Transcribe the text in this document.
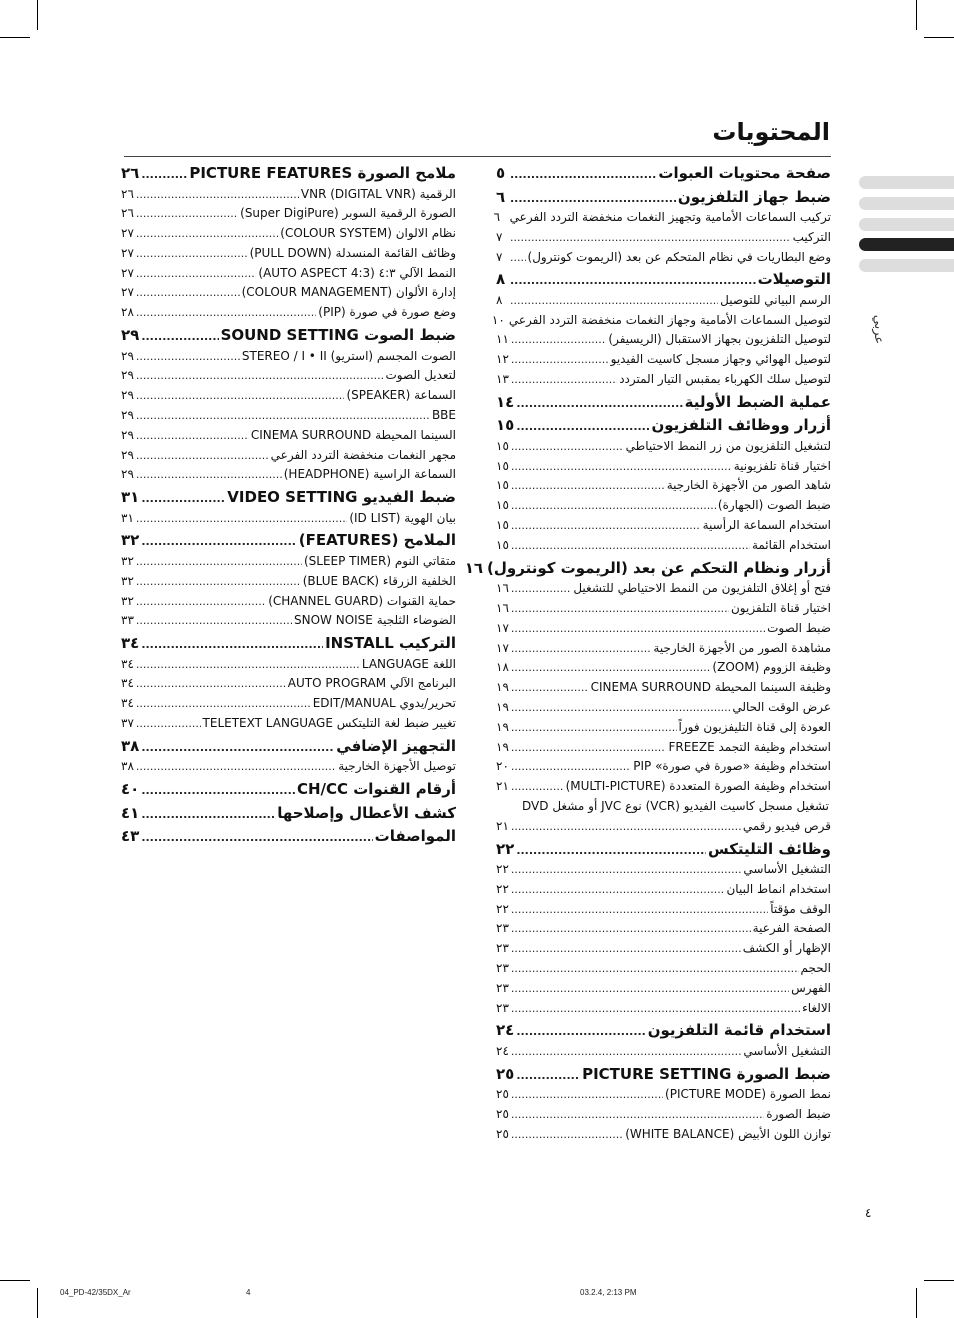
عربي
المحتويات
صفحة محتويات العبوات
.....
٥
ضبط جهاز التلفزيون
.....
٦
تركيب السماعات الأمامية وتجهيز النغمات منخفضة التردد الفرعي
٦
التركيب
.....
٧
وضع البطاريات في نظام المتحكم عن بعد (الريموت كونترول)
.....
٧
التوصيلات
.....
٨
الرسم البياني للتوصيل
.....
٨
لتوصيل السماعات الأمامية وجهاز النغمات منخفضة التردد الفرعي
١٠
لتوصيل التلفزيون بجهاز الاستقبال (الريسيفر)
.....
١١
لتوصيل الهوائي وجهاز مسجل كاسيت الفيديو
.....
١٢
لتوصيل سلك الكهرباء بمقبس التيار المتردد
.....
١٣
عملية الضبط الأولية
.....
١٤
أزرار ووظائف التلفزيون
.....
١٥
لتشغيل التلفزيون من زر النمط الاحتياطي
.....
١٥
اختيار قناة تلفزيونية
.....
١٥
شاهد الصور من الأجهزة الخارجية
.....
١٥
ضبط الصوت (الجهارة)
.....
١٥
استخدام السماعة الرأسية
.....
١٥
استخدام القائمة
.....
١٥
أزرار ونظام التحكم عن بعد (الريموت كونترول)
١٦
فتح أو إغلاق التلفزيون من النمط الاحتياطي للتشغيل
.....
١٦
اختيار قناة التلفزيون
.....
١٦
ضبط الصوت
.....
١٧
مشاهدة الصور من الأجهزة الخارجية
.....
١٧
وظيفة الزووم (ZOOM)
.....
١٨
وظيفة السينما المحيطة CINEMA SURROUND
.....
١٩
عرض الوقت الحالي
.....
١٩
العودة إلى قناة التليفزيون فوراً
.....
١٩
استخدام وظيفة التجمد FREEZE
.....
١٩
استخدام وظيفة «صورة في صورة» PIP
.....
٢٠
استخدام وظيفة الصورة المتعددة (MULTI-PICTURE)
.....
٢١
تشغيل مسجل كاسيت الفيديو (VCR) نوع JVC أو مشغل DVD
قرص فيديو رقمي
.....
٢١
وظائف التليتكس
.....
٢٢
التشغيل الأساسي
.....
٢٢
استخدام انماط البيان
.....
٢٢
الوقف مؤقتاً
.....
٢٢
الصفحة الفرعية
.....
٢٣
الإظهار أو الكشف
.....
٢٣
الحجم
.....
٢٣
الفهرس
.....
٢٣
الالغاء
.....
٢٣
استخدام قائمة التلفزيون
.....
٢٤
التشغيل الأساسي
.....
٢٤
ضبط الصورة PICTURE SETTING
.....
٢٥
نمط الصورة (PICTURE MODE)
.....
٢٥
ضبط الصورة
.....
٢٥
توازن اللون الأبيض (WHITE BALANCE)
.....
٢٥
ملامح الصورة PICTURE FEATURES
.....
٢٦
الرقمية VNR (DIGITAL VNR)
.....
٢٦
الصورة الرقمية السوبر (Super DigiPure)
.....
٢٦
نظام الالوان (COLOUR SYSTEM)
.....
٢٧
وظائف القائمة المنسدلة (PULL DOWN)
.....
٢٧
النمط الآلي ٤:٣ (4:3 AUTO ASPECT)
.....
٢٧
إدارة الألوان (COLOUR MANAGEMENT)
.....
٢٧
وضع صورة في صورة (PIP)
.....
٢٨
ضبط الصوت SOUND SETTING
.....
٢٩
الصوت المجسم (استريو) STEREO / I • II
.....
٢٩
لتعديل الصوت
.....
٢٩
السماعة (SPEAKER)
.....
٢٩
BBE
.....
٢٩
السينما المحيطة CINEMA SURROUND
.....
٢٩
مجهر النغمات منخفضة التردد الفرعي
.....
٢٩
السماعة الراسية (HEADPHONE)
.....
٢٩
ضبط الفيديو VIDEO SETTING
.....
٣١
بيان الهوية (ID LIST)
.....
٣١
الملامح (FEATURES)
.....
٣٢
متقاتي النوم (SLEEP TIMER)
.....
٣٢
الخلفية الزرقاء (BLUE BACK)
.....
٣٢
حماية القنوات (CHANNEL GUARD)
.....
٣٢
الضوضاء الثلجية SNOW NOISE
.....
٣٣
التركيب INSTALL
.....
٣٤
اللغة LANGUAGE
.....
٣٤
البرنامج الآلي AUTO PROGRAM
.....
٣٤
تحرير/يدوي EDIT/MANUAL
.....
٣٤
تغيير ضبط لغة التليتكس TELETEXT LANGUAGE
.....
٣٧
التجهيز الإضافي
.....
٣٨
توصيل الأجهزة الخارجية
.....
٣٨
أرقام القنوات CH/CC
.....
٤٠
كشف الأعطال وإصلاحها
.....
٤١
المواصفات
.....
٤٣
٤
04_PD-42/35DX_Ar	4	03.2.4, 2:13 PM
